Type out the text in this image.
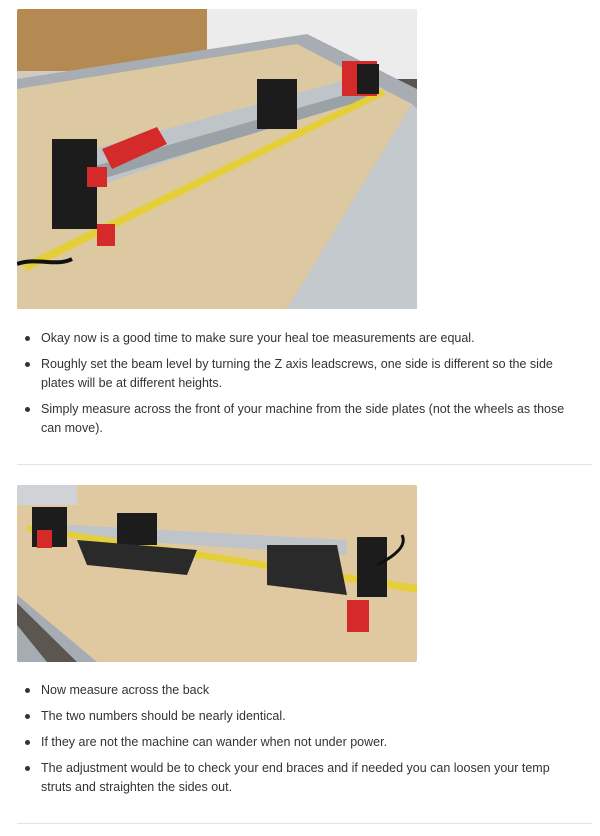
Okay now is a good time to make sure your heal toe measurements are equal.
Roughly set the beam level by turning the Z axis leadscrews, one side is different so the side plates will be at different heights.
Simply measure across the front of your machine from the side plates (not the wheels as those can move).
Now measure across the back
The two numbers should be nearly identical.
If they are not the machine can wander when not under power.
The adjustment would be to check your end braces and if needed you can loosen your temp struts and straighten the sides out.
